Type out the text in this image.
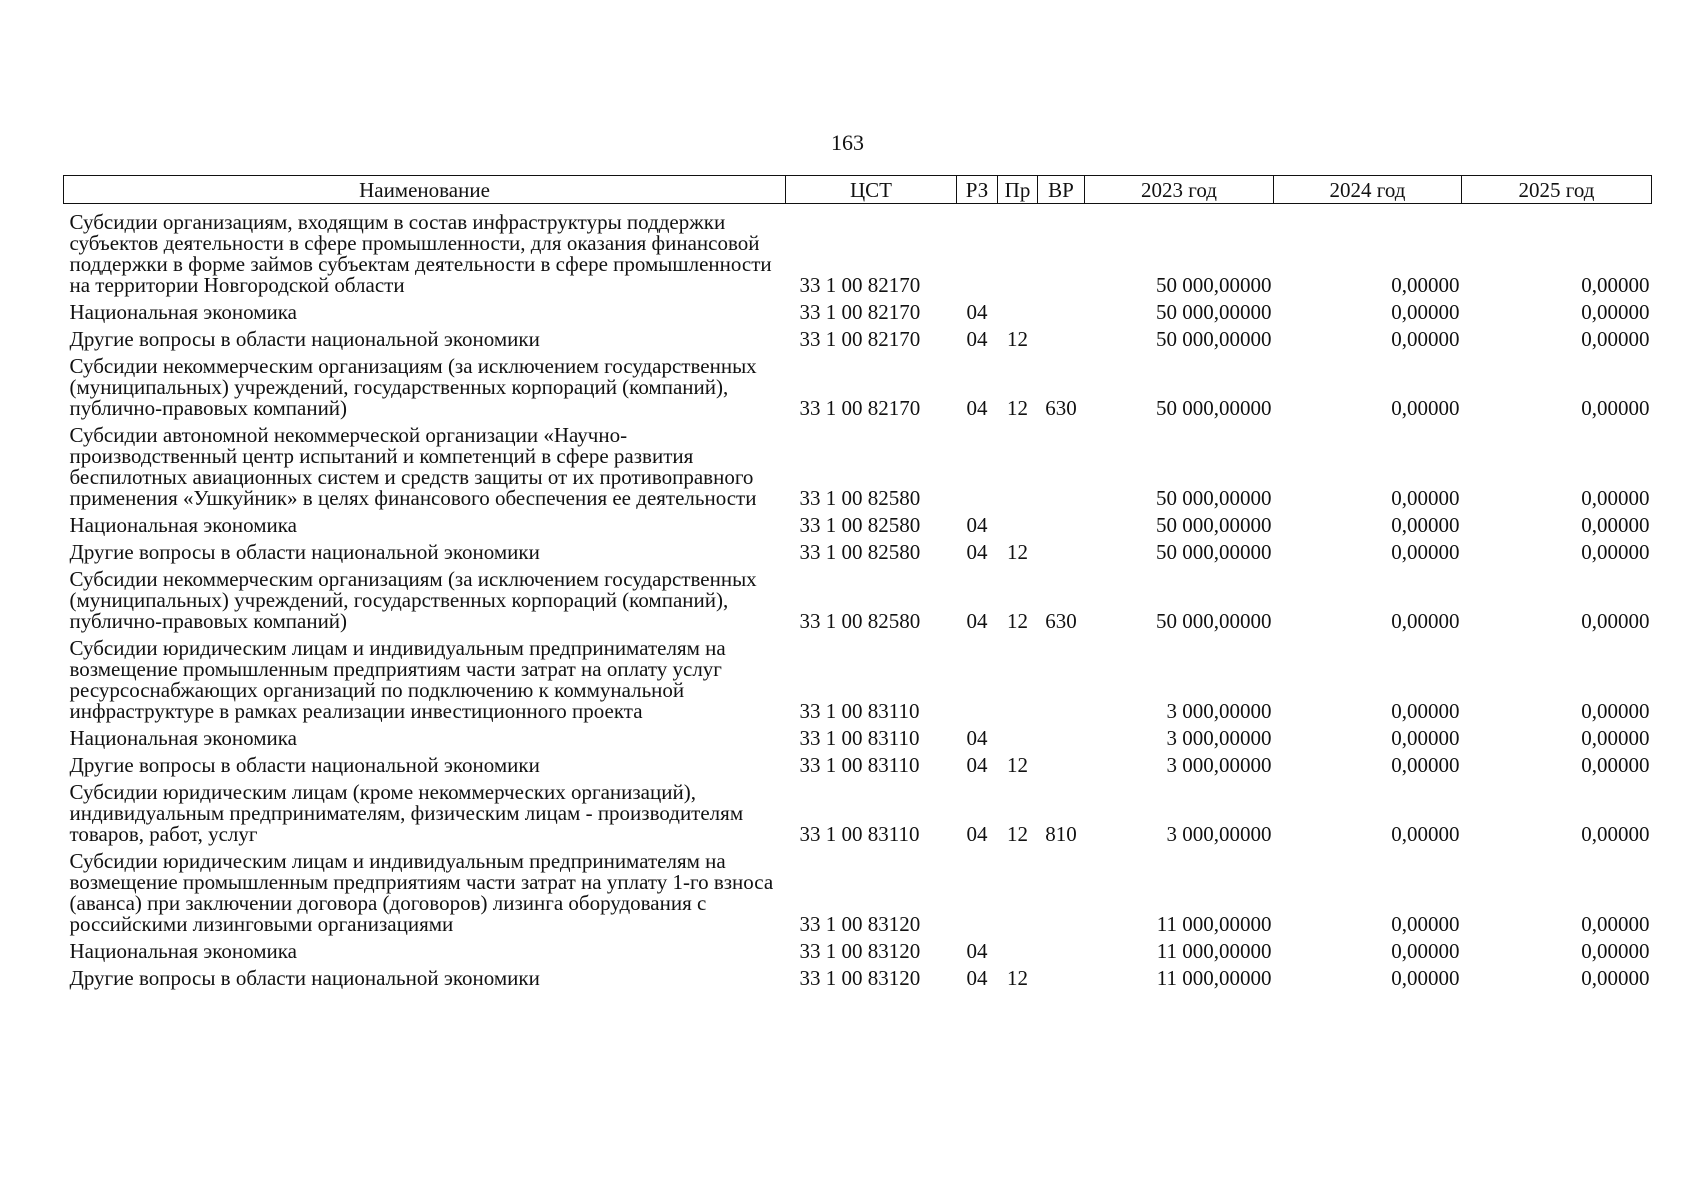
163
Наименование	ЦСТ	РЗ	Пр	ВР	2023 год	2024 год	2025 год
Субсидии организациям, входящим в состав инфраструктуры поддержки субъектов деятельности в сфере промышленности, для оказания финансовой поддержки в форме займов субъектам деятельности в сфере промышленности на территории Новгородской области	33 1 00 82170				50 000,00000	0,00000	0,00000
Национальная экономика	33 1 00 82170	04			50 000,00000	0,00000	0,00000
Другие вопросы в области национальной экономики	33 1 00 82170	04	12		50 000,00000	0,00000	0,00000
Субсидии некоммерческим организациям (за исключением государственных (муниципальных) учреждений, государственных корпораций (компаний), публично-правовых компаний)	33 1 00 82170	04	12	630	50 000,00000	0,00000	0,00000
Субсидии автономной некоммерческой организации «Научно-производственный центр испытаний и компетенций в сфере развития беспилотных авиационных систем и средств защиты от их противоправного применения «Ушкуйник» в целях финансового обеспечения ее деятельности	33 1 00 82580				50 000,00000	0,00000	0,00000
Национальная экономика	33 1 00 82580	04			50 000,00000	0,00000	0,00000
Другие вопросы в области национальной экономики	33 1 00 82580	04	12		50 000,00000	0,00000	0,00000
Субсидии некоммерческим организациям (за исключением государственных (муниципальных) учреждений, государственных корпораций (компаний), публично-правовых компаний)	33 1 00 82580	04	12	630	50 000,00000	0,00000	0,00000
Субсидии юридическим лицам и индивидуальным предпринимателям на возмещение промышленным предприятиям части затрат на оплату услуг ресурсоснабжающих организаций по подключению к коммунальной инфраструктуре в рамках реализации инвестиционного проекта	33 1 00 83110				3 000,00000	0,00000	0,00000
Национальная экономика	33 1 00 83110	04			3 000,00000	0,00000	0,00000
Другие вопросы в области национальной экономики	33 1 00 83110	04	12		3 000,00000	0,00000	0,00000
Субсидии юридическим лицам (кроме некоммерческих организаций), индивидуальным предпринимателям, физическим лицам - производителям товаров, работ, услуг	33 1 00 83110	04	12	810	3 000,00000	0,00000	0,00000
Субсидии юридическим лицам и индивидуальным предпринимателям на возмещение промышленным предприятиям части затрат на уплату 1-го взноса (аванса) при заключении договора (договоров) лизинга оборудования с российскими лизинговыми организациями	33 1 00 83120				11 000,00000	0,00000	0,00000
Национальная экономика	33 1 00 83120	04			11 000,00000	0,00000	0,00000
Другие вопросы в области национальной экономики	33 1 00 83120	04	12		11 000,00000	0,00000	0,00000
